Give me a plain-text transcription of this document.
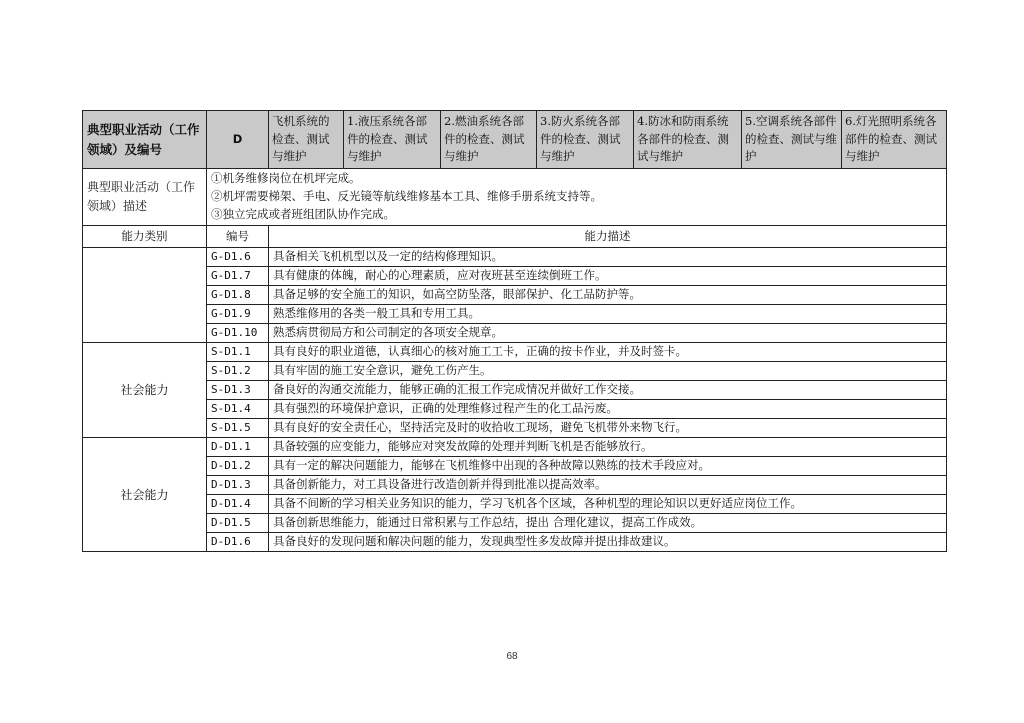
典型职业活动（工作领域）及编号	D	飞机系统的检查、测试与维护	1.液压系统各部件的检查、测试与维护	2.燃油系统各部件的检查、测试与维护	3.防火系统各部件的检查、测试与维护	4.防冰和防雨系统各部件的检查、测试与维护	5.空调系统各部件的检查、测试与维护	6.灯光照明系统各部件的检查、测试与维护
典型职业活动（工作领域）描述	①机务维修岗位在机坪完成。
②机坪需要梯架、手电、反光镜等航线维修基本工具、维修手册系统支持等。
③独立完成或者班组团队协作完成。							

能力类别	编号	能力描述						
	G-D1.6	具备相关飞机机型以及一定的结构修理知识。						
	G-D1.7	具有健康的体魄，耐心的心理素质，应对夜班甚至连续倒班工作。						
	G-D1.8	具备足够的安全施工的知识，如高空防坠落，眼部保护、化工品防护等。						
	G-D1.9	熟悉维修用的各类一般工具和专用工具。						
	G-D1.10	熟悉病贯彻局方和公司制定的各项安全规章。						
社会能力	S-D1.1	具有良好的职业道德，认真细心的核对施工工卡，正确的按卡作业，并及时签卡。						
	S-D1.2	具有牢固的施工安全意识，避免工伤产生。						
	S-D1.3	备良好的沟通交流能力，能够正确的汇报工作完成情况并做好工作交接。						
	S-D1.4	具有强烈的环境保护意识，正确的处理维修过程产生的化工品污废。						
	S-D1.5	具有良好的安全责任心，坚持活完及时的收拾收工现场，避免飞机带外来物飞行。						
社会能力	D-D1.1	具备较强的应变能力，能够应对突发故障的处理并判断飞机是否能够放行。						
	D-D1.2	具有一定的解决问题能力，能够在飞机维修中出现的各种故障以熟练的技术手段应对。						
	D-D1.3	具备创新能力，对工具设备进行改造创新并得到批准以提高效率。						
	D-D1.4	具备不间断的学习相关业务知识的能力，学习飞机各个区域，各种机型的理论知识以更好适应岗位工作。						
	D-D1.5	具备创新思维能力，能通过日常积累与工作总结，提出 合理化建议，提高工作成效。						
	D-D1.6	具备良好的发现问题和解决问题的能力，发现典型性多发故障并提出排故建议。						
68
